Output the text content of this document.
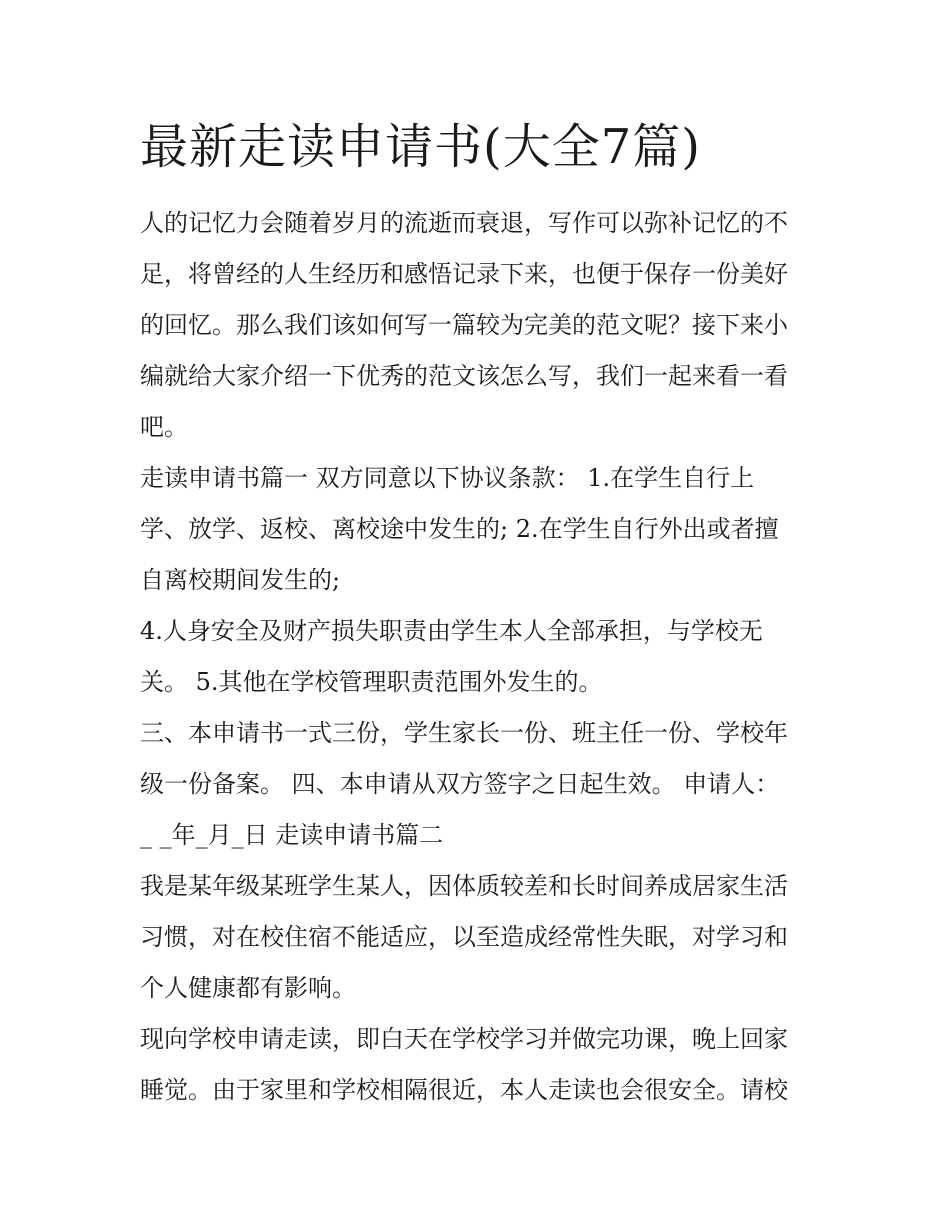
最新走读申请书(大全7篇)
人的记忆力会随着岁月的流逝而衰退，写作可以弥补记忆的不
足，将曾经的人生经历和感悟记录下来，也便于保存一份美好
的回忆。那么我们该如何写一篇较为完美的范文呢？接下来小
编就给大家介绍一下优秀的范文该怎么写，我们一起来看一看
吧。
走读申请书篇一 双方同意以下协议条款： 1.在学生自行上
学、放学、返校、离校途中发生的; 2.在学生自行外出或者擅
自离校期间发生的;
4.人身安全及财产损失职责由学生本人全部承担，与学校无
关。 5.其他在学校管理职责范围外发生的。
三、本申请书一式三份，学生家长一份、班主任一份、学校年
级一份备案。 四、本申请从双方签字之日起生效。 申请人：
_ _年_月_日 走读申请书篇二
我是某年级某班学生某人，因体质较差和长时间养成居家生活
习惯，对在校住宿不能适应，以至造成经常性失眠，对学习和
个人健康都有影响。
现向学校申请走读，即白天在学校学习并做完功课，晚上回家
睡觉。由于家里和学校相隔很近，本人走读也会很安全。请校
